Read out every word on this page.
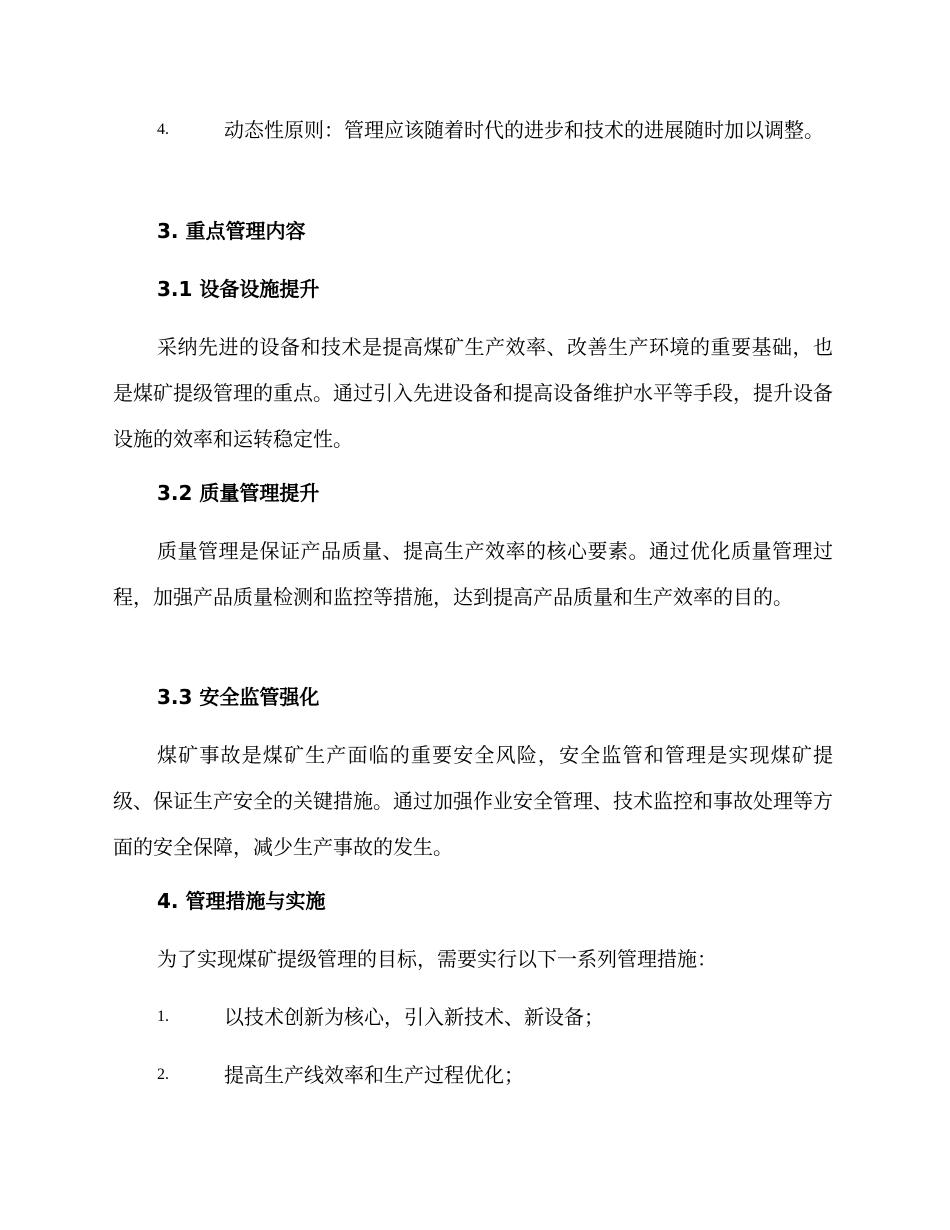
4.	动态性原则：管理应该随着时代的进步和技术的进展随时加以调整。
3. 重点管理内容
3.1 设备设施提升

采纳先进的设备和技术是提高煤矿生产效率、改善生产环境的重要基础，也是煤矿提级管理的重点。通过引入先进设备和提高设备维护水平等手段，提升设备设施的效率和运转稳定性。

3.2 质量管理提升

质量管理是保证产品质量、提高生产效率的核心要素。通过优化质量管理过程，加强产品质量检测和监控等措施，达到提高产品质量和生产效率的目的。

3.3 安全监管强化

煤矿事故是煤矿生产面临的重要安全风险，安全监管和管理是实现煤矿提级、保证生产安全的关键措施。通过加强作业安全管理、技术监控和事故处理等方面的安全保障，减少生产事故的发生。

4. 管理措施与实施

为了实现煤矿提级管理的目标，需要实行以下一系列管理措施：

1.	以技术创新为核心，引入新技术、新设备；
2.	提高生产线效率和生产过程优化；
